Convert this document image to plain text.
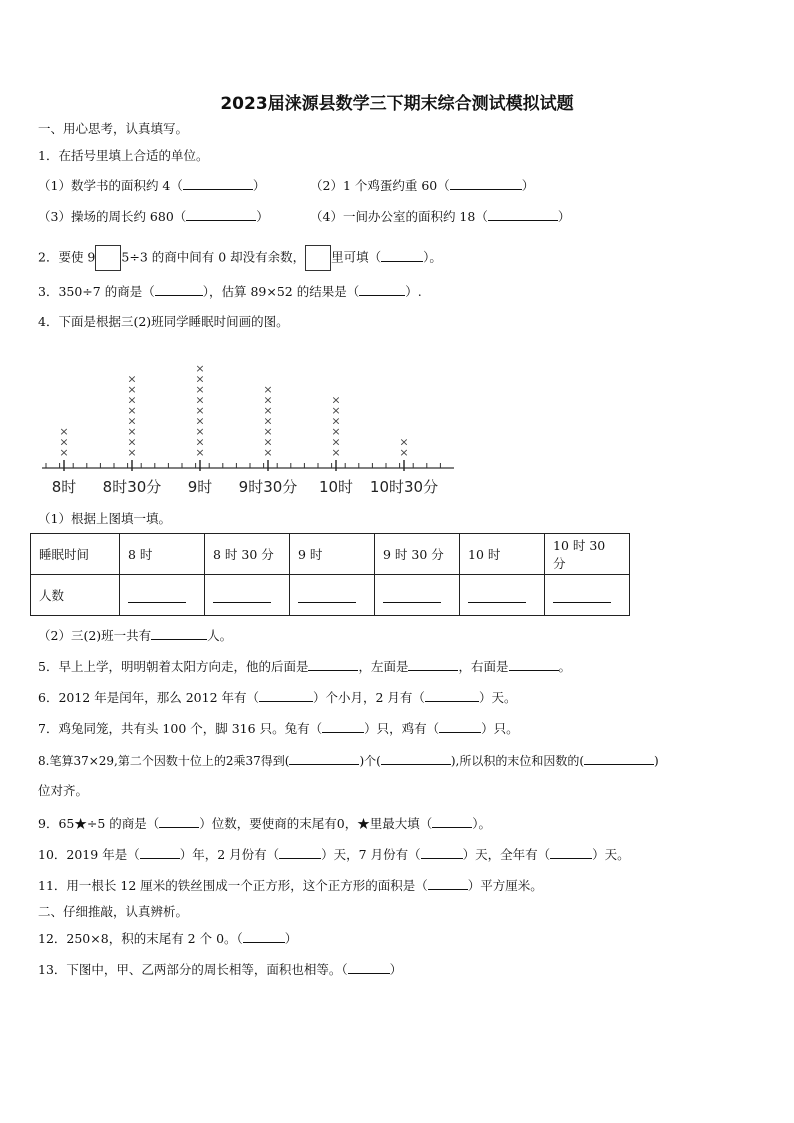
2023届涞源县数学三下期末综合测试模拟试题
一、用心思考，认真填写。
1．在括号里填上合适的单位。
（1）数学书的面积约 4（	）	（2）1 个鸡蛋约重 60（	）
（3）操场的周长约 680（	）	（4）一间办公室的面积约 18（	）
2．要使 9 5÷3 的商中间有 0 却没有余数， 里可填（	）。
3．350÷7 的商是（	），估算 89×52 的结果是（	）.
4．下面是根据三(2)班同学睡眠时间画的图。
×
×
×
×
×
×
×
×
×
×
×
×
×
×
×
×
×
×
×
×
×
×
×
×
×
×
×
×
×
×
×
×
×
×
×
8时 8时30分 9时 9时30分 10时 10时30分
（1）根据上图填一填。
睡眠时间	8 时	8 时 30 分	9 时	9 时 30 分	10 时	10 时 30 分
人数						
（2）三(2)班一共有	人。
5．早上上学，明明朝着太阳方向走，他的后面是	，左面是	，右面是	。
6．2012 年是闰年，那么 2012 年有（	）个小月，2 月有（	）天。
7．鸡兔同笼，共有头 100 个，脚 316 只。兔有（	）只，鸡有（	）只。
8.笔算37×29,第二个因数十位上的2乘37得到(	)个(	),所以积的末位和因数的(	)
位对齐。
9．65★÷5 的商是（	）位数，要使商的末尾有0，★里最大填（	）。
10．2019 年是（	）年，2 月份有（	）天，7 月份有（	）天，全年有（	）天。
11．用一根长 12 厘米的铁丝围成一个正方形，这个正方形的面积是（	）平方厘米。
二、仔细推敲，认真辨析。
12．250×8，积的末尾有 2 个 0。（	）
13．下图中，甲、乙两部分的周长相等，面积也相等。（	）
